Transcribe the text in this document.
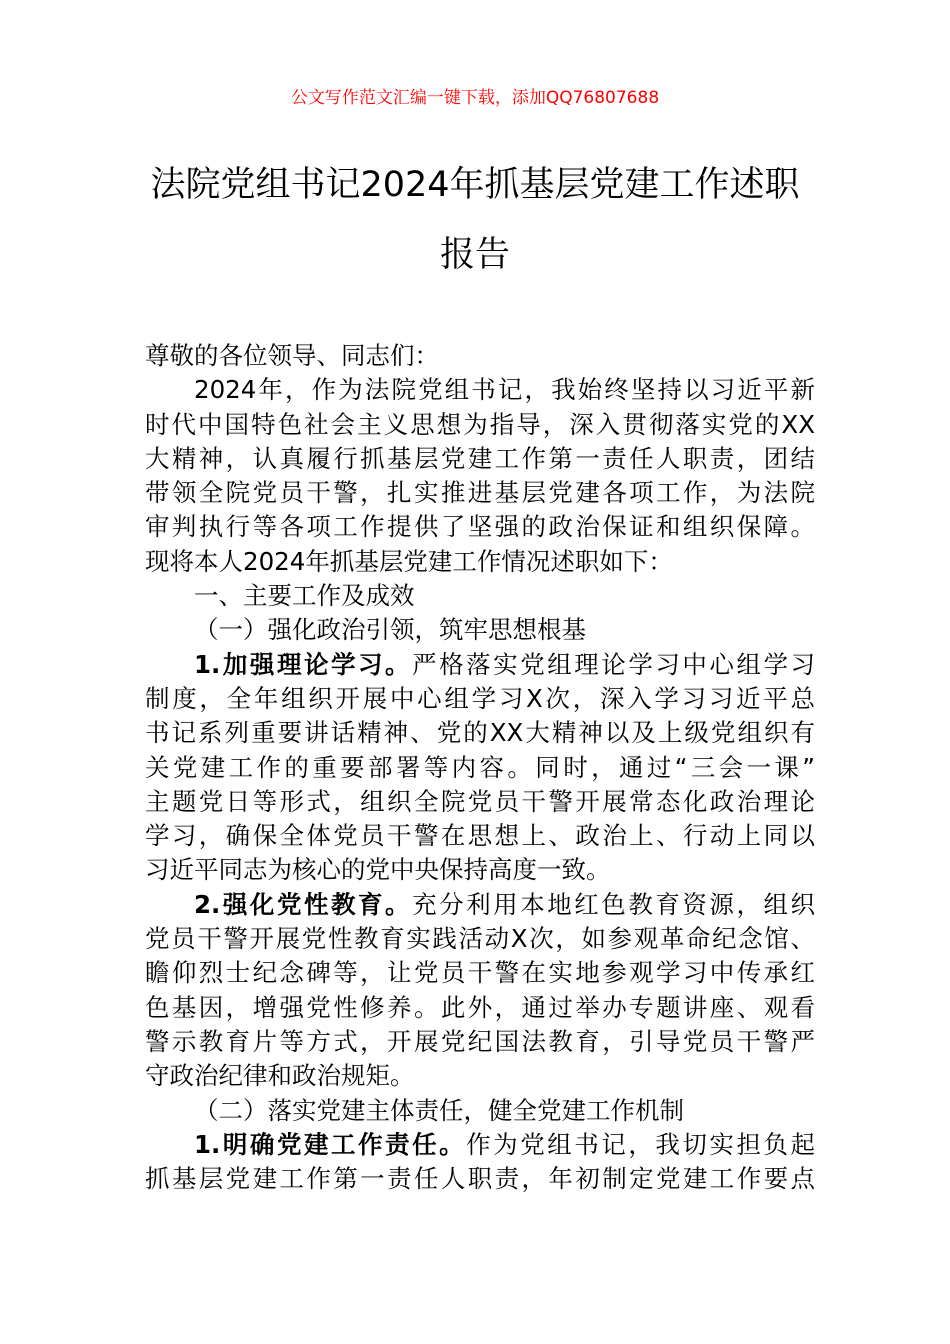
公文写作范文汇编一键下载，添加QQ76807688
法院党组书记2024年抓基层党建工作述职
报告
尊敬的各位领导、同志们：
2024年，作为法院党组书记，我始终坚持以习近平新
时代中国特色社会主义思想为指导，深入贯彻落实党的XX
大精神，认真履行抓基层党建工作第一责任人职责，团结
带领全院党员干警，扎实推进基层党建各项工作，为法院
审判执行等各项工作提供了坚强的政治保证和组织保障。
现将本人2024年抓基层党建工作情况述职如下：
一、主要工作及成效
（一）强化政治引领，筑牢思想根基
1.加强理论学习。严格落实党组理论学习中心组学习
制度，全年组织开展中心组学习X次，深入学习习近平总
书记系列重要讲话精神、党的XX大精神以及上级党组织有
关党建工作的重要部署等内容。同时，通过“三会一课”
主题党日等形式，组织全院党员干警开展常态化政治理论
学习，确保全体党员干警在思想上、政治上、行动上同以
习近平同志为核心的党中央保持高度一致。
2.强化党性教育。充分利用本地红色教育资源，组织
党员干警开展党性教育实践活动X次，如参观革命纪念馆、
瞻仰烈士纪念碑等，让党员干警在实地参观学习中传承红
色基因，增强党性修养。此外，通过举办专题讲座、观看
警示教育片等方式，开展党纪国法教育，引导党员干警严
守政治纪律和政治规矩。
（二）落实党建主体责任，健全党建工作机制
1.明确党建工作责任。作为党组书记，我切实担负起
抓基层党建工作第一责任人职责，年初制定党建工作要点
